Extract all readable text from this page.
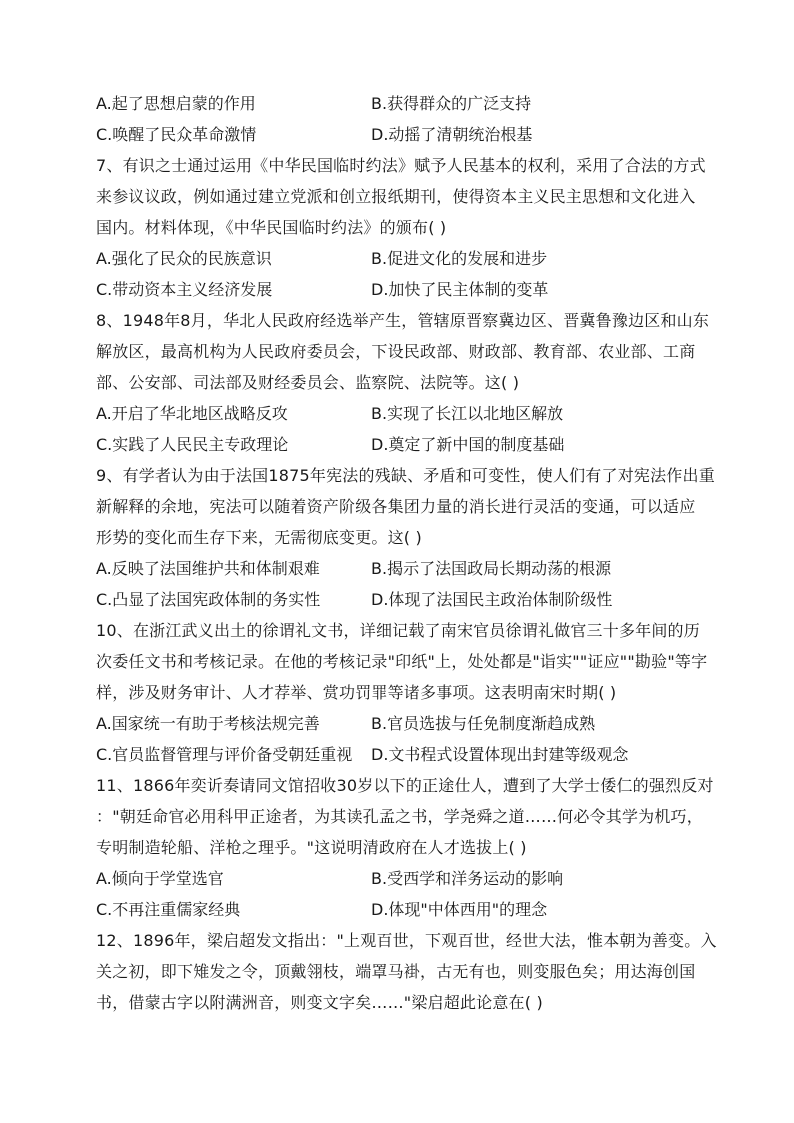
A.起了思想启蒙的作用	B.获得群众的广泛支持
C.唤醒了民众革命激情	D.动摇了清朝统治根基
7、有识之士通过运用《中华民国临时约法》赋予人民基本的权利，采用了合法的方式
来参议议政，例如通过建立党派和创立报纸期刊，使得资本主义民主思想和文化进入
国内。材料体现，《中华民国临时约法》的颁布( )
A.强化了民众的民族意识	B.促进文化的发展和进步
C.带动资本主义经济发展	D.加快了民主体制的变革
8、1948年8月，华北人民政府经选举产生，管辖原晋察冀边区、晋冀鲁豫边区和山东
解放区，最高机构为人民政府委员会，下设民政部、财政部、教育部、农业部、工商
部、公安部、司法部及财经委员会、监察院、法院等。这( )
A.开启了华北地区战略反攻	B.实现了长江以北地区解放
C.实践了人民民主专政理论	D.奠定了新中国的制度基础
9、有学者认为由于法国1875年宪法的残缺、矛盾和可变性，使人们有了对宪法作出重
新解释的余地，宪法可以随着资产阶级各集团力量的消长进行灵活的变通，可以适应
形势的变化而生存下来，无需彻底变更。这( )
A.反映了法国维护共和体制艰难	B.揭示了法国政局长期动荡的根源
C.凸显了法国宪政体制的务实性	D.体现了法国民主政治体制阶级性
10、在浙江武义出土的徐谓礼文书，详细记载了南宋官员徐谓礼做官三十多年间的历
次委任文书和考核记录。在他的考核记录"印纸"上，处处都是"诣实""证应""勘验"等字
样，涉及财务审计、人才荐举、赏功罚罪等诸多事项。这表明南宋时期( )
A.国家统一有助于考核法规完善	B.官员选拔与任免制度渐趋成熟
C.官员监督管理与评价备受朝廷重视	D.文书程式设置体现出封建等级观念
11、1866年奕䜣奏请同文馆招收30岁以下的正途仕人，遭到了大学士倭仁的强烈反对
："朝廷命官必用科甲正途者，为其读孔孟之书，学尧舜之道……何必令其学为机巧，
专明制造轮船、洋枪之理乎。"这说明清政府在人才选拔上( )
A.倾向于学堂选官	B.受西学和洋务运动的影响
C.不再注重儒家经典	D.体现"中体西用"的理念
12、1896年，梁启超发文指出："上观百世，下观百世，经世大法，惟本朝为善变。入
关之初，即下雉发之令，顶戴翎枝，端罩马褂，古无有也，则变服色矣；用达海创国
书，借蒙古字以附满洲音，则变文字矣……"梁启超此论意在( )
